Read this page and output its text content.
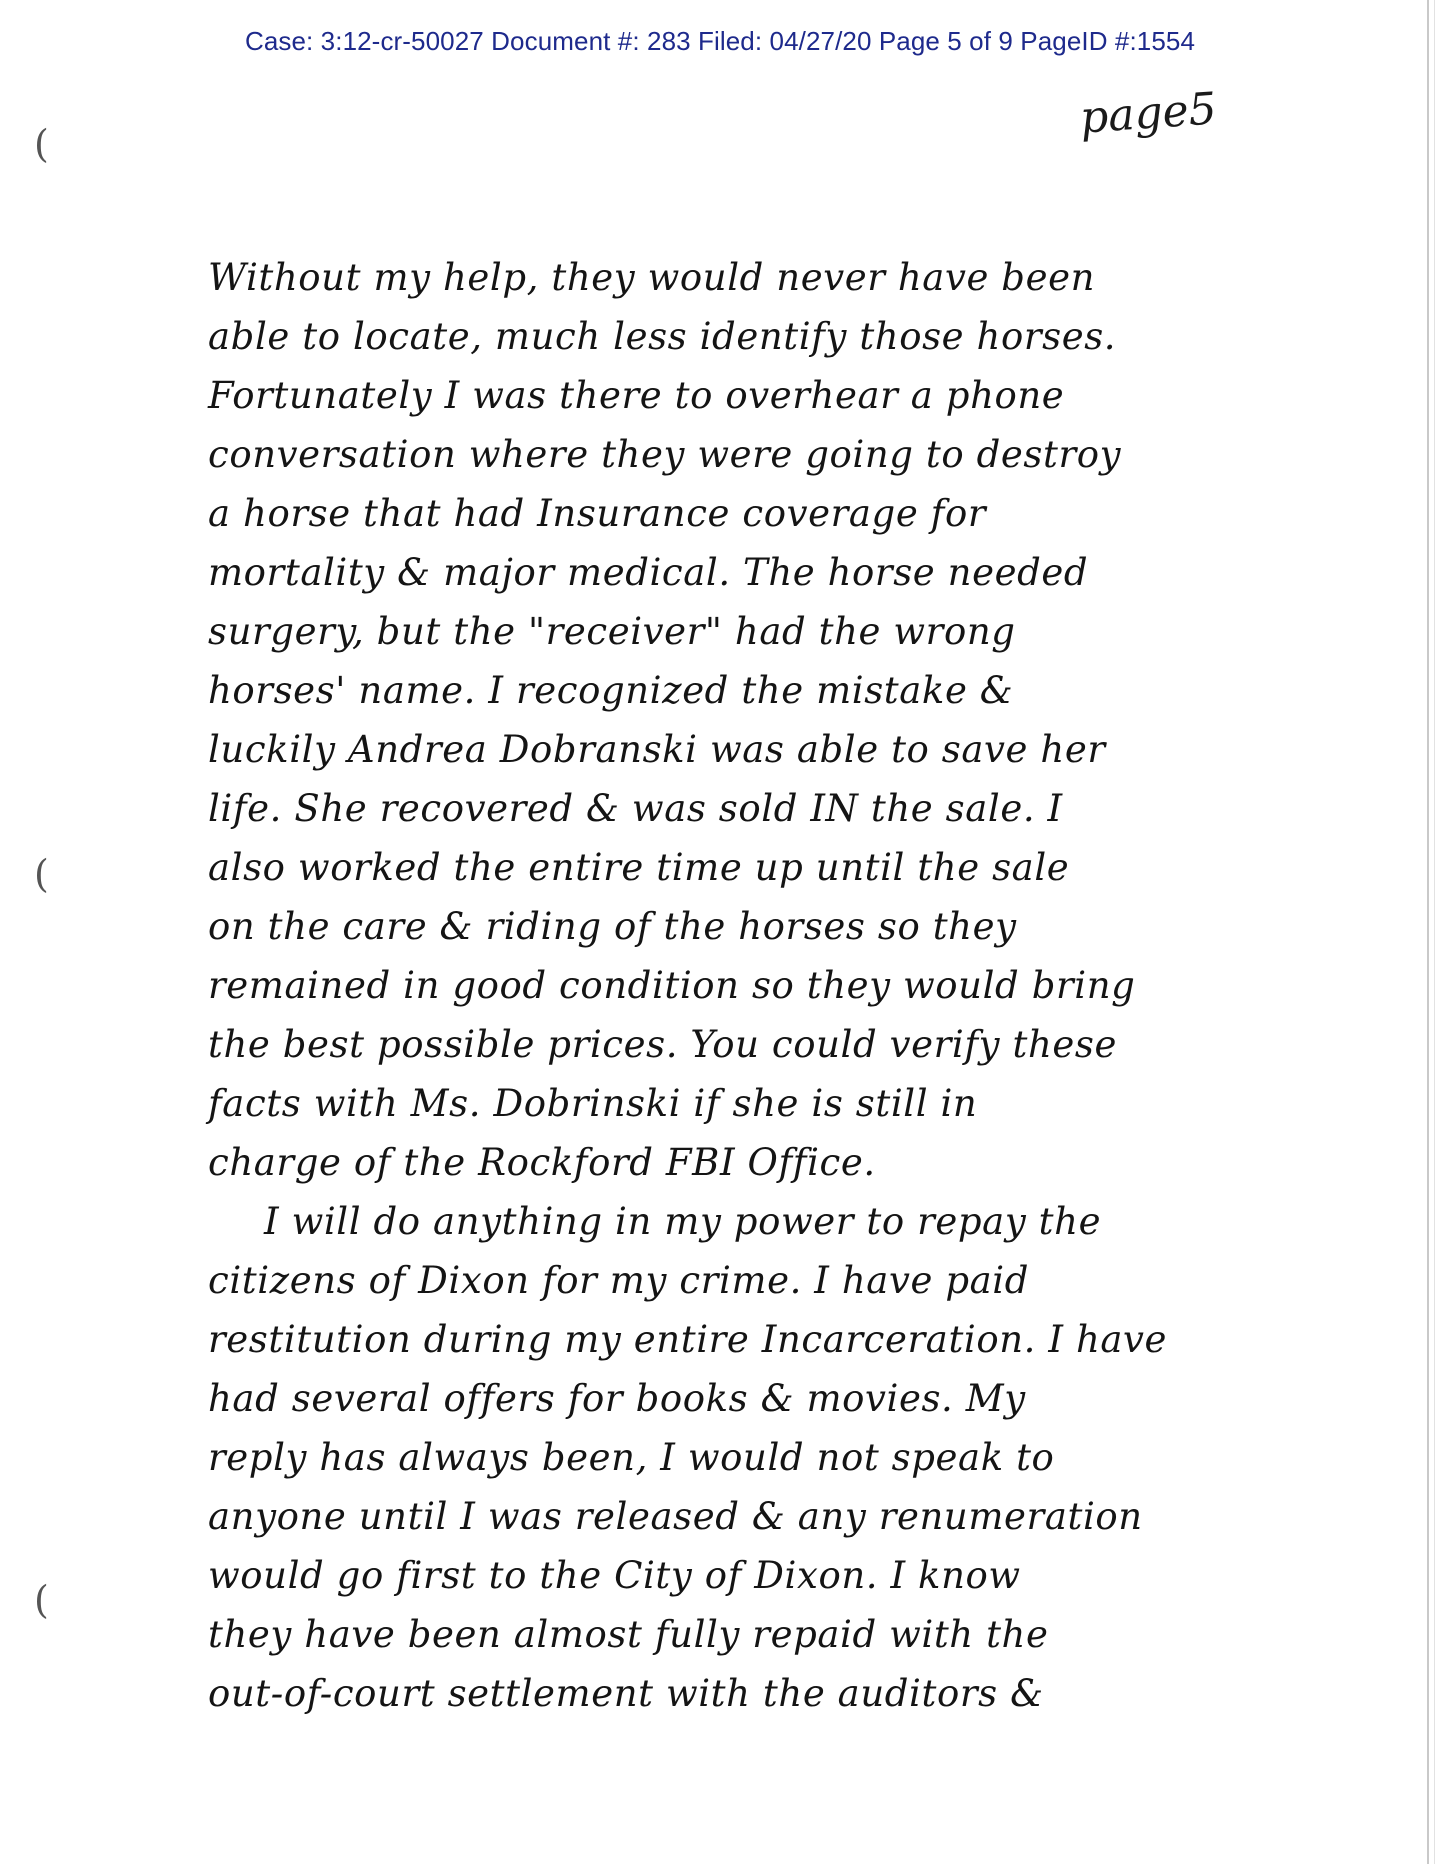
Case: 3:12-cr-50027 Document #: 283 Filed: 04/27/20 Page 5 of 9 PageID #:1554
page5
(
(
(
Without my help, they would never have been
able to locate, much less identify those horses.
Fortunately I was there to overhear a phone
conversation where they were going to destroy
a horse that had Insurance coverage for
mortality & major medical. The horse needed
surgery, but the "receiver" had the wrong
horses' name. I recognized the mistake &
luckily Andrea Dobranski was able to save her
life. She recovered & was sold IN the sale. I
also worked the entire time up until the sale
on the care & riding of the horses so they
remained in good condition so they would bring
the best possible prices. You could verify these
facts with Ms. Dobrinski if she is still in
charge of the Rockford FBI Office.
I will do anything in my power to repay the
citizens of Dixon for my crime. I have paid
restitution during my entire Incarceration. I have
had several offers for books & movies. My
reply has always been, I would not speak to
anyone until I was released & any renumeration
would go first to the City of Dixon. I know
they have been almost fully repaid with the
out-of-court settlement with the auditors &
